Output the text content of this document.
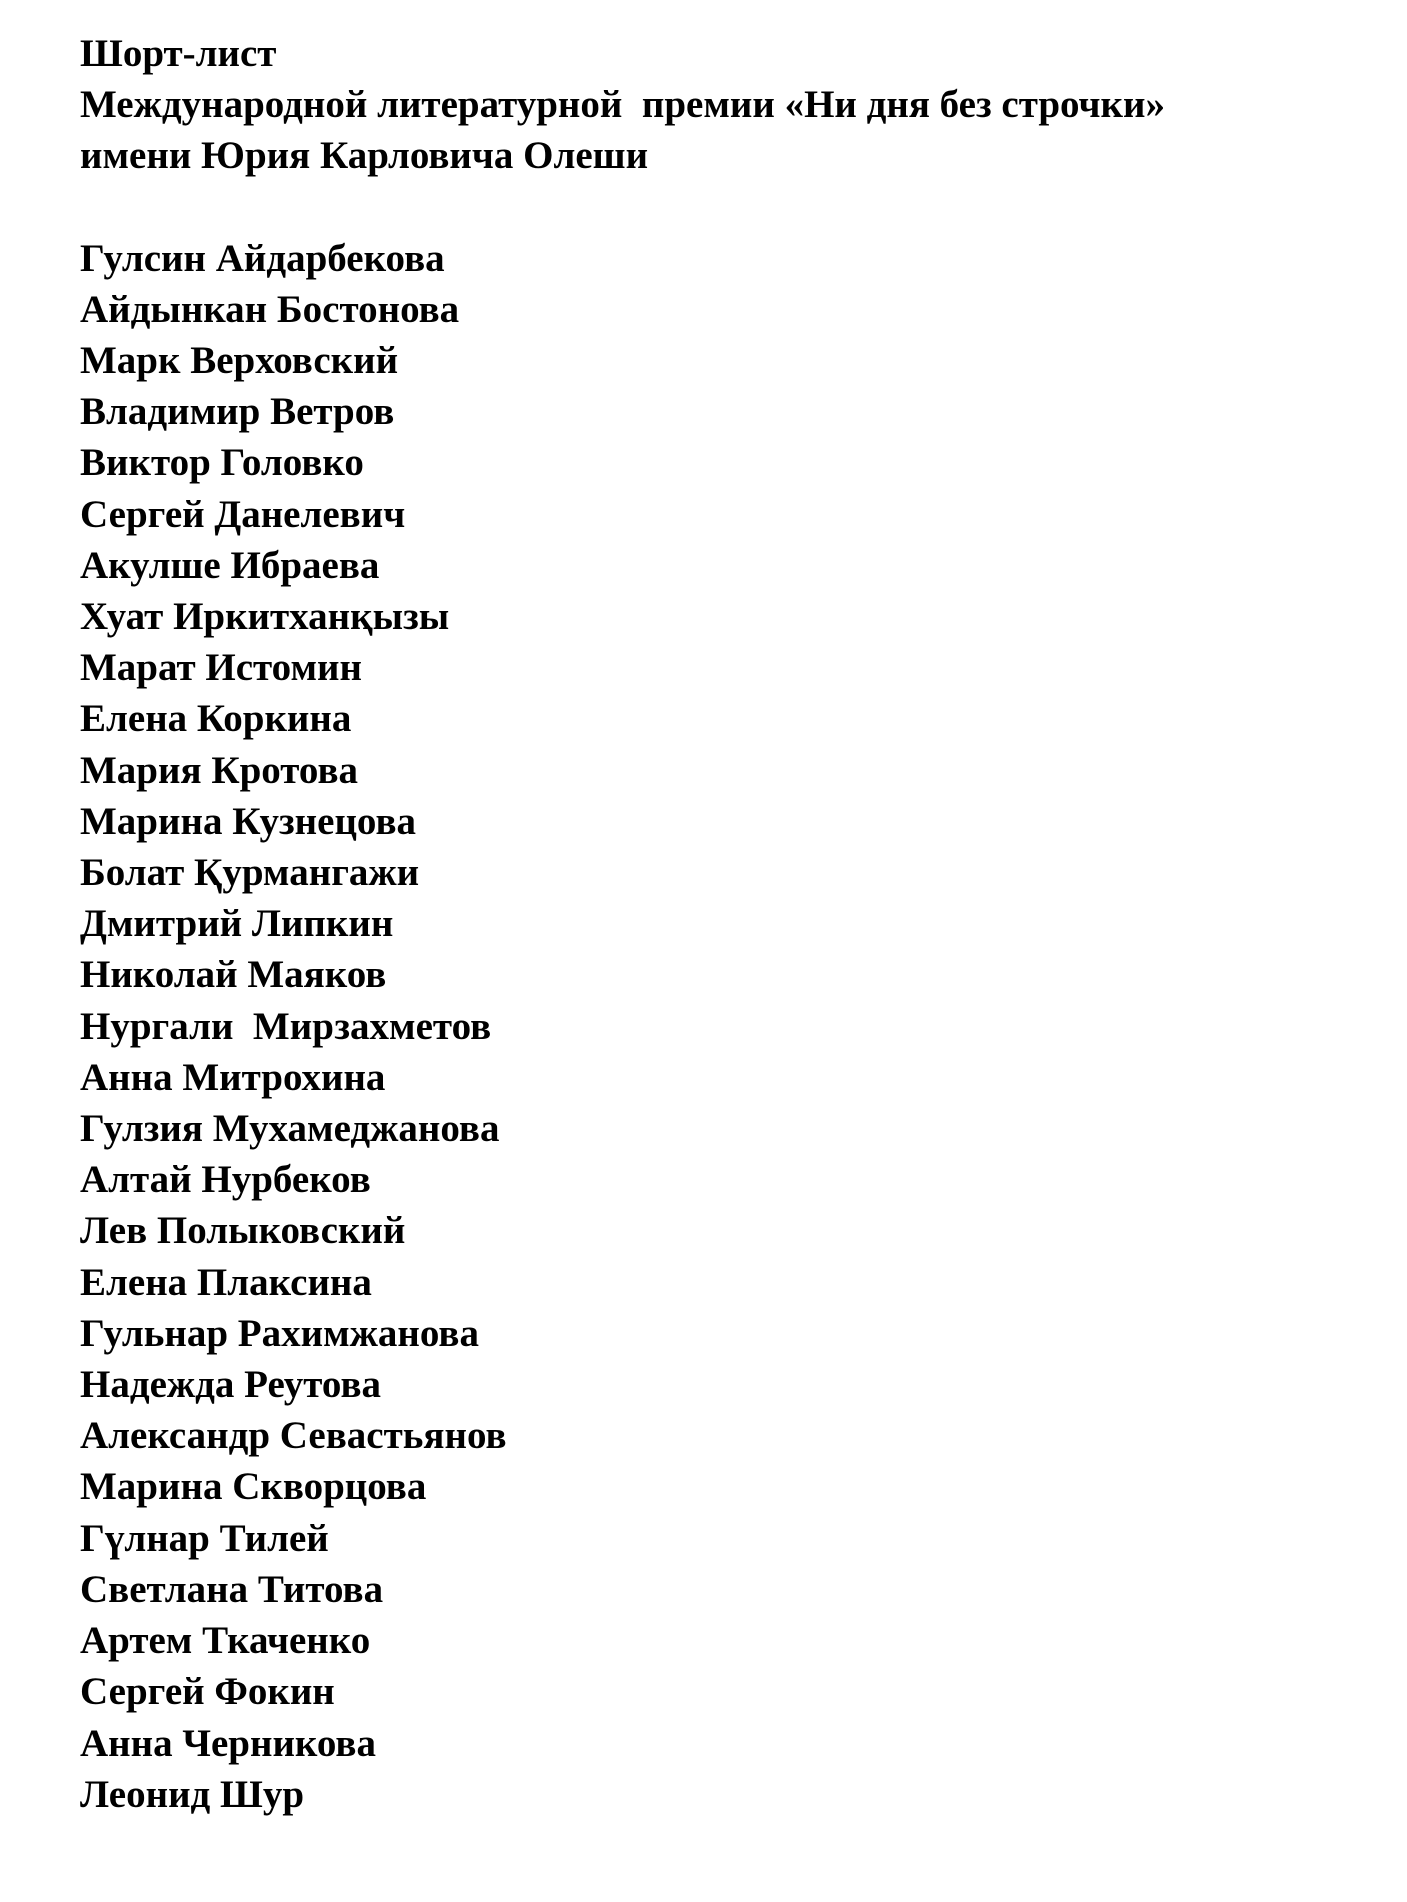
Шорт-лист
Международной литературной  премии «Ни дня без строчки»
имени Юрия Карловича Олеши
Гулсин Айдарбекова
Айдынкан Бостонова
Марк Верховский
Владимир Ветров
Виктор Головко
Сергей Данелевич
Акулше Ибраева
Хуат Иркитханқызы
Марат Истомин
Елена Коркина
Мария Кротова
Марина Кузнецова
Болат Қурмангажи
Дмитрий Липкин
Николай Маяков
Нургали  Мирзахметов
Анна Митрохина
Гулзия Мухамеджанова
Алтай Нурбеков
Лев Полыковский
Елена Плаксина
Гульнар Рахимжанова
Надежда Реутова
Александр Севастьянов
Марина Скворцова
Гүлнар Тилей
Светлана Титова
Артем Ткаченко
Сергей Фокин
Анна Черникова
Леонид Шур
